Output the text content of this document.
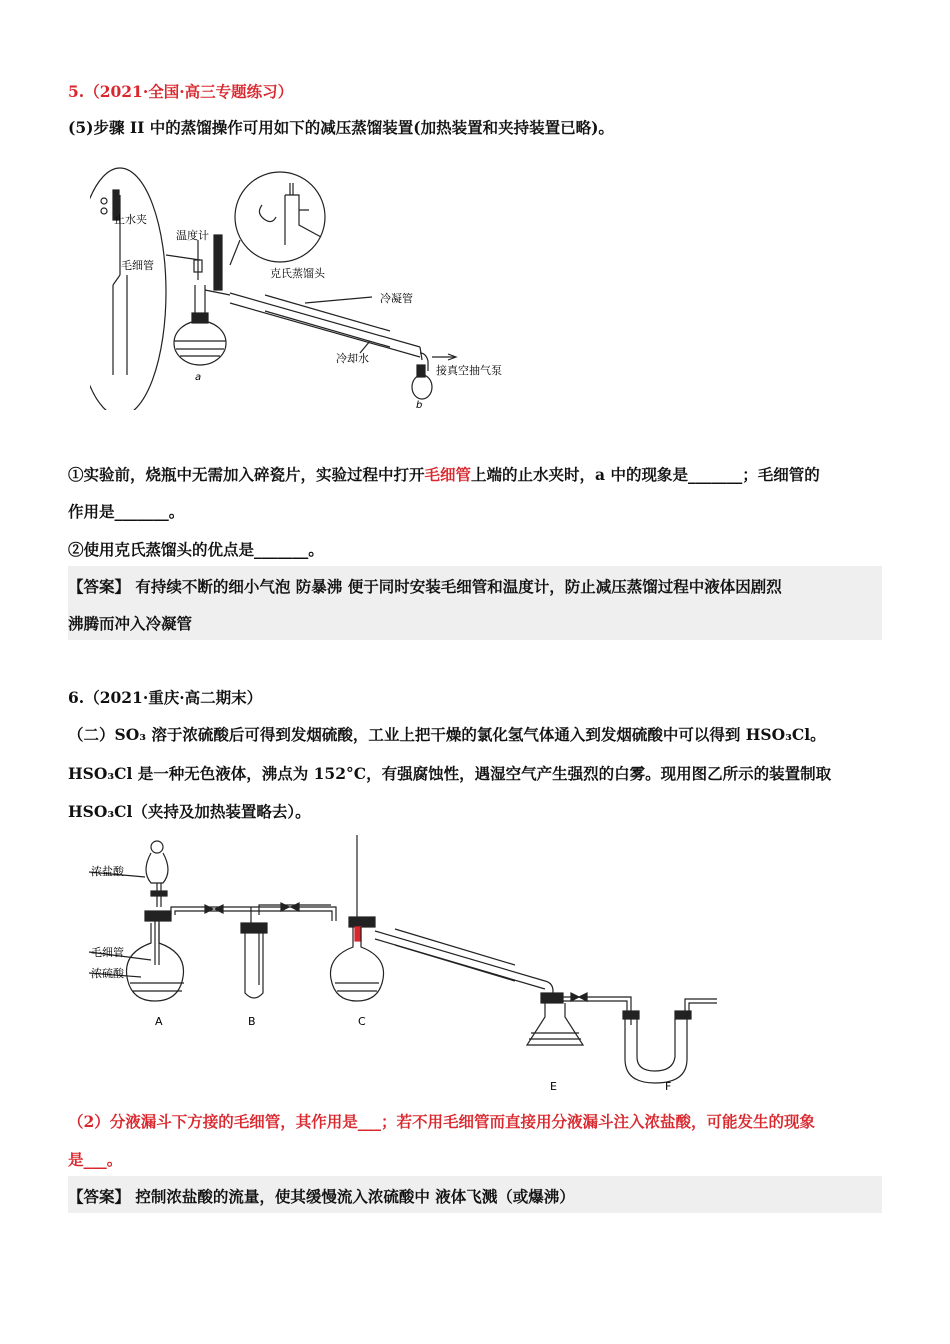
5.（2021·全国·高三专题练习）
(5)步骤 II 中的蒸馏操作可用如下的减压蒸馏装置(加热装置和夹持装置已略)。
止水夹
温度计
毛细管
克氏蒸馏头
冷凝管
冷却水
接真空抽气泵
a
b
①实验前，烧瓶中无需加入碎瓷片，实验过程中打开毛细管上端的止水夹时，a 中的现象是_______；毛细管的
作用是_______。
②使用克氏蒸馏头的优点是_______。
【答案】 有持续不断的细小气泡 防暴沸 便于同时安装毛细管和温度计，防止减压蒸馏过程中液体因剧烈
沸腾而冲入冷凝管
6.（2021·重庆·高二期末）
（二）SO₃ 溶于浓硫酸后可得到发烟硫酸，工业上把干燥的氯化氢气体通入到发烟硫酸中可以得到 HSO₃Cl。
HSO₃Cl 是一种无色液体，沸点为 152°C，有强腐蚀性，遇湿空气产生强烈的白雾。现用图乙所示的装置制取
HSO₃Cl（夹持及加热装置略去）。
浓盐酸
毛细管
浓硫酸
A	B	C
E	F
（2）分液漏斗下方接的毛细管，其作用是___；若不用毛细管而直接用分液漏斗注入浓盐酸，可能发生的现象
是___。
【答案】 控制浓盐酸的流量，使其缓慢流入浓硫酸中 液体飞溅（或爆沸）
